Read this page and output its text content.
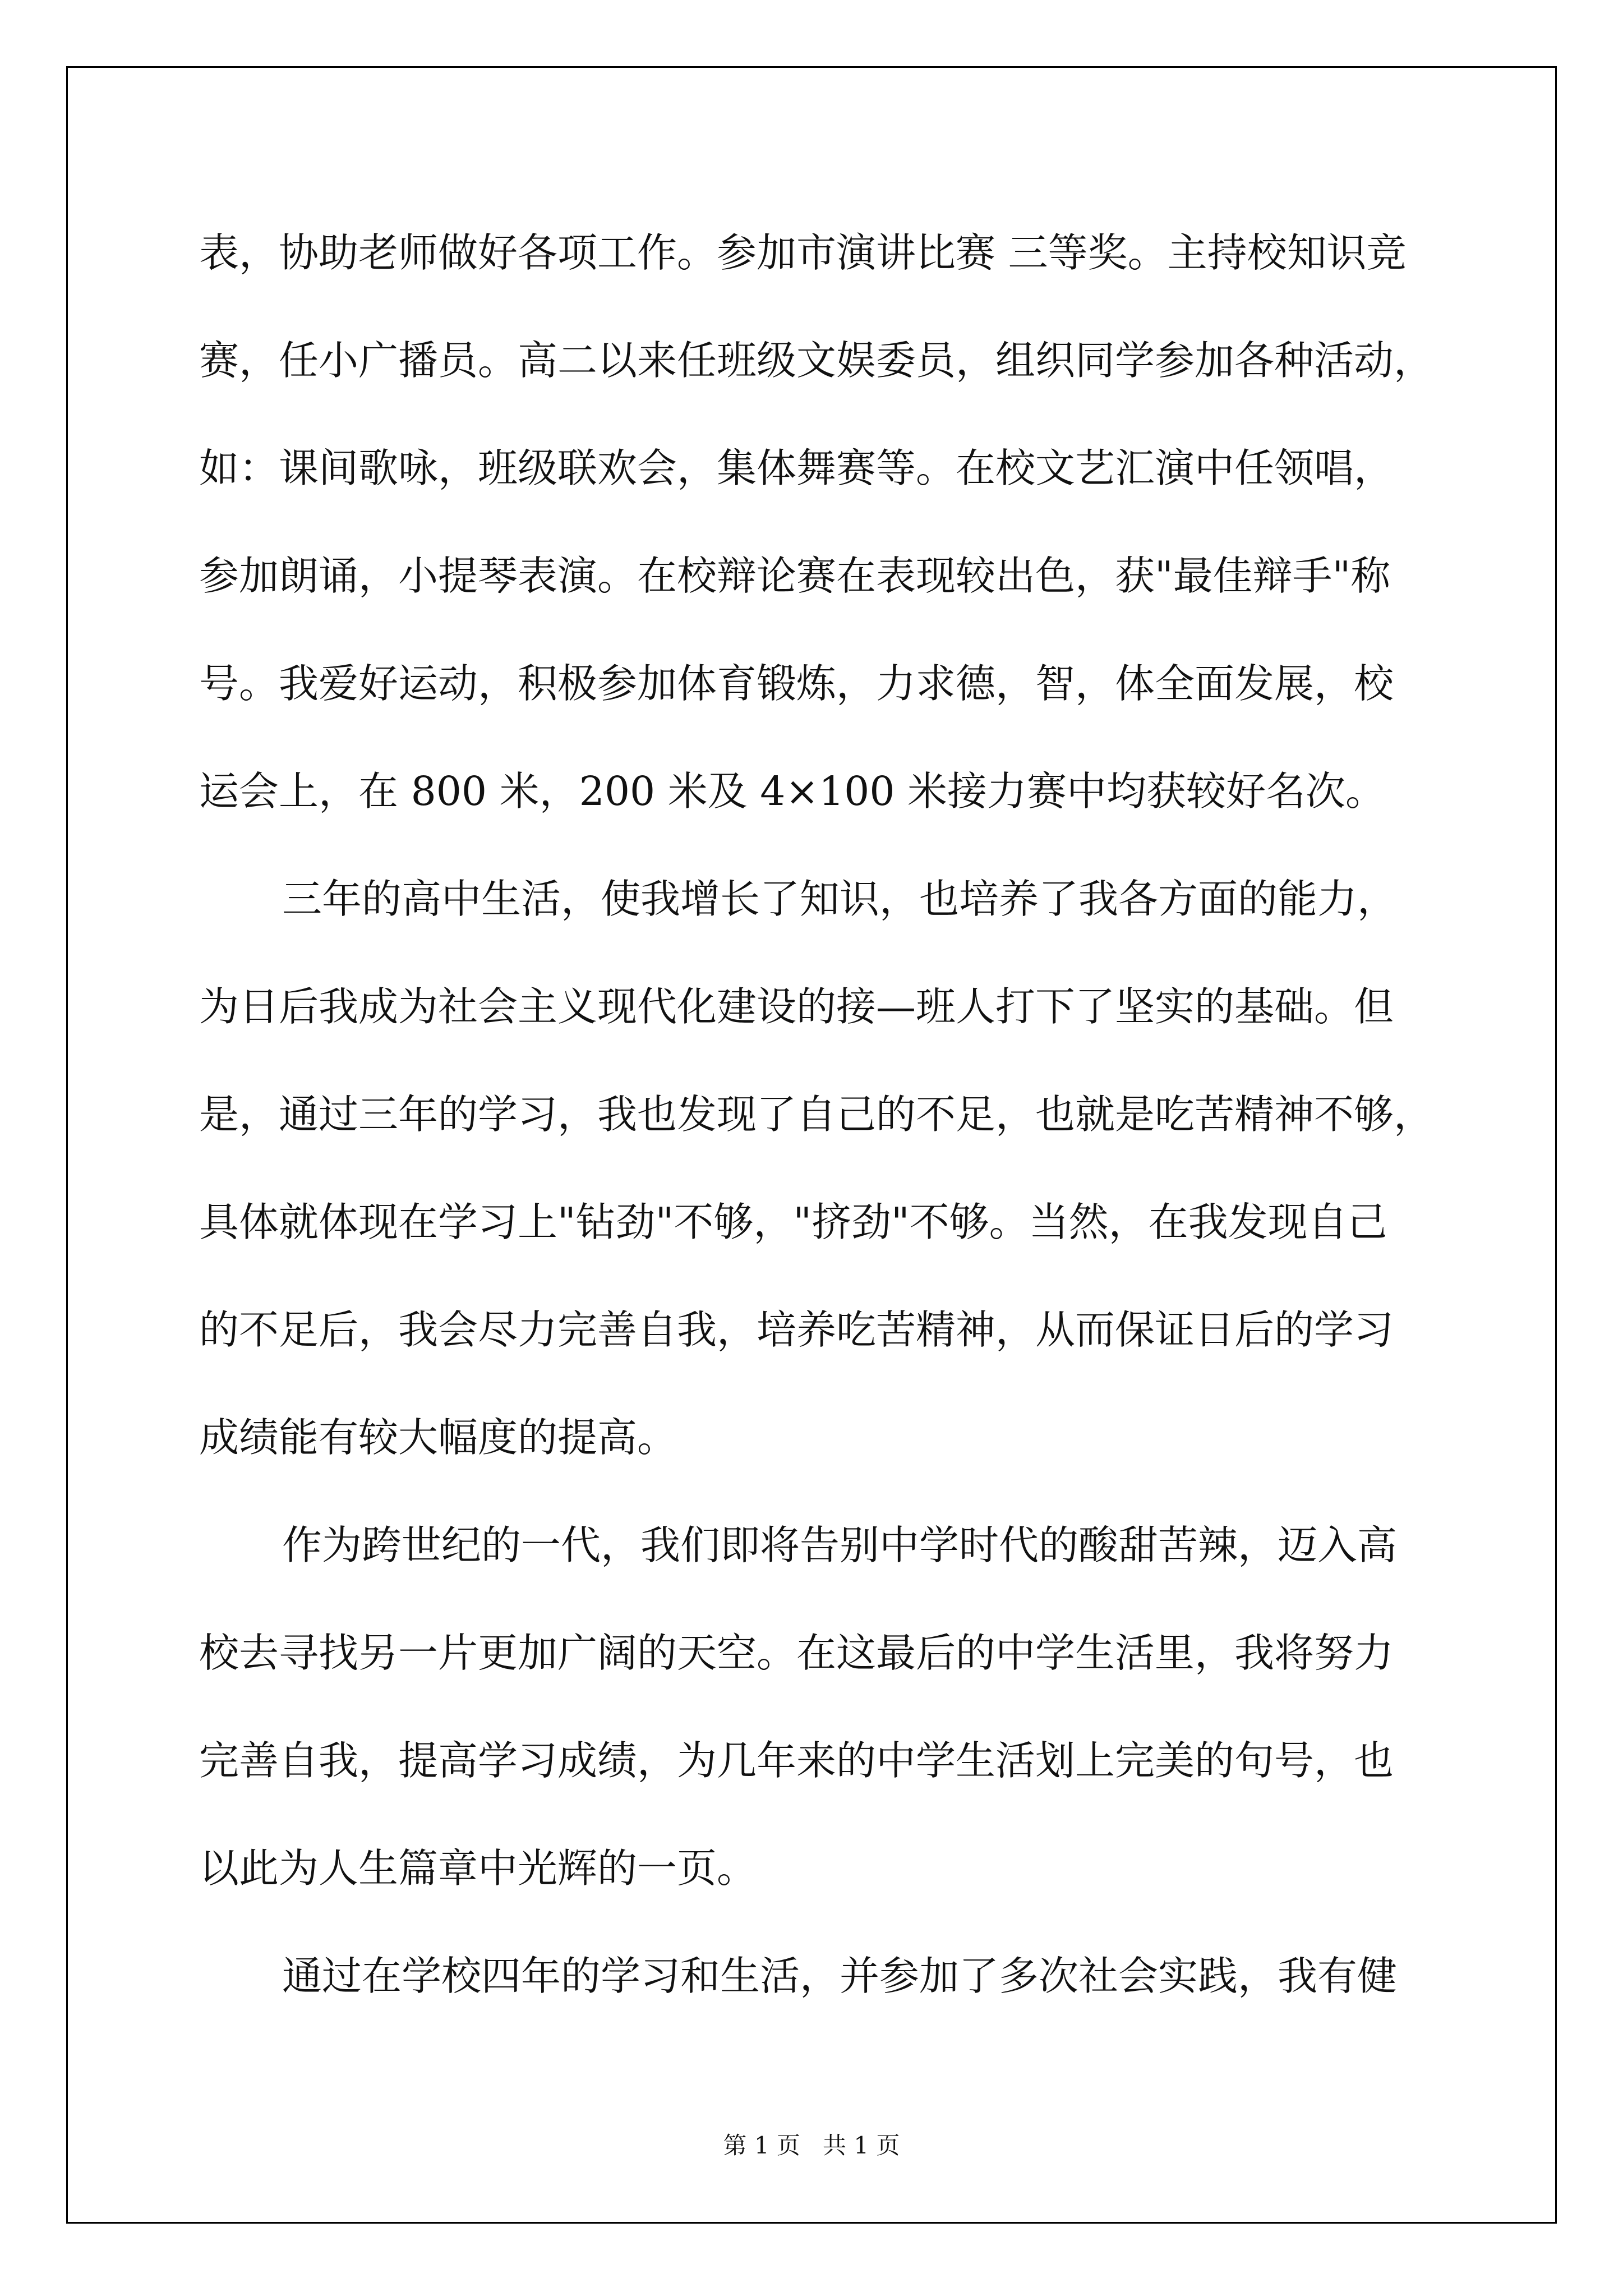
表，协助老师做好各项工作。参加市演讲比赛 三等奖。主持校知识竞
赛，任小广播员。高二以来任班级文娱委员，组织同学参加各种活动，
如：课间歌咏，班级联欢会，集体舞赛等。在校文艺汇演中任领唱，
参加朗诵，小提琴表演。在校辩论赛在表现较出色，获"最佳辩手"称
号。我爱好运动，积极参加体育锻炼，力求德，智，体全面发展，校
运会上，在 800 米，200 米及 4×100 米接力赛中均获较好名次。
三年的高中生活，使我增长了知识，也培养了我各方面的能力，
为日后我成为社会主义现代化建设的接—班人打下了坚实的基础。但
是，通过三年的学习，我也发现了自己的不足，也就是吃苦精神不够，
具体就体现在学习上"钻劲"不够，"挤劲"不够。当然，在我发现自己
的不足后，我会尽力完善自我，培养吃苦精神，从而保证日后的学习
成绩能有较大幅度的提高。
作为跨世纪的一代，我们即将告别中学时代的酸甜苦辣，迈入高
校去寻找另一片更加广阔的天空。在这最后的中学生活里，我将努力
完善自我，提高学习成绩，为几年来的中学生活划上完美的句号，也
以此为人生篇章中光辉的一页。
通过在学校四年的学习和生活，并参加了多次社会实践，我有健
第 1 页   共 1 页
